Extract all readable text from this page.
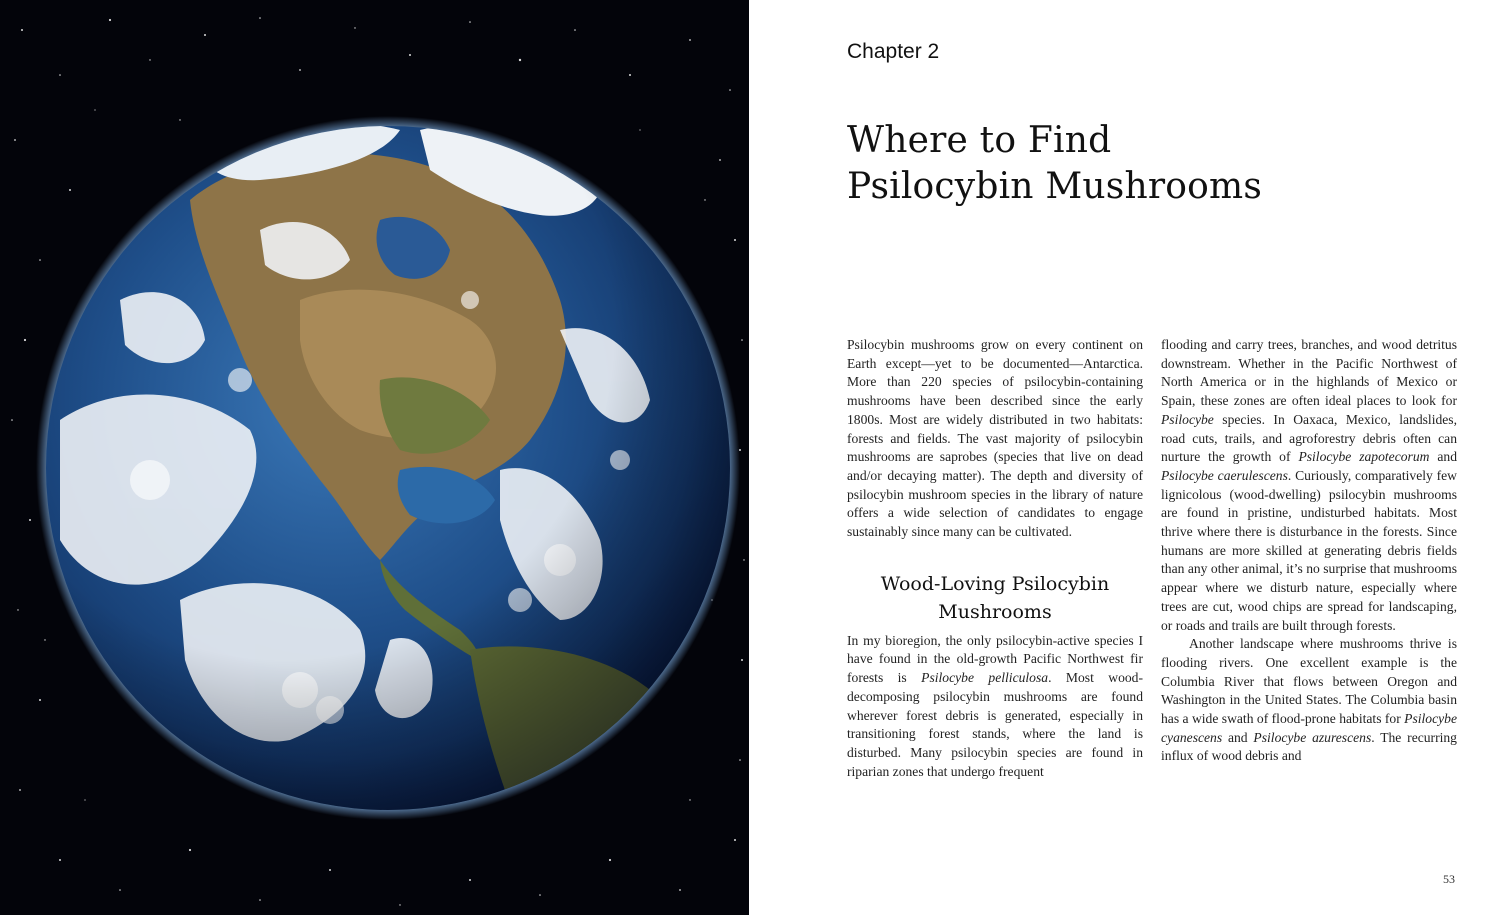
Chapter 2
Where to Find
Psilocybin Mushrooms

Psilocybin mushrooms grow on every continent on Earth except—yet to be documented—Antarctica. More than 220 species of psilocybin-containing mushrooms have been described since the early 1800s. Most are widely distributed in two habitats: forests and fields. The vast majority of psilocybin mushrooms are saprobes (species that live on dead and/or decaying matter). The depth and diversity of psilocybin mushroom species in the library of nature offers a wide selection of candidates to engage sustainably since many can be cultivated.

Wood-Loving Psilocybin
Mushrooms

In my bioregion, the only psilocybin-active species I have found in the old-growth Pacific Northwest fir forests is Psilocybe pelliculosa. Most wood-decomposing psilocybin mushrooms are found wherever forest debris is generated, especially in transitioning forest stands, where the land is disturbed. Many psilocybin species are found in riparian zones that undergo frequent

flooding and carry trees, branches, and wood detritus downstream. Whether in the Pacific Northwest of North America or in the highlands of Mexico or Spain, these zones are often ideal places to look for Psilocybe species. In Oaxaca, Mexico, landslides, road cuts, trails, and agroforestry debris often can nurture the growth of Psilocybe zapotecorum and Psilocybe caerulescens. Curiously, comparatively few lignicolous (wood-dwelling) psilocybin mushrooms are found in pristine, undisturbed habitats. Most thrive where there is disturbance in the forests. Since humans are more skilled at generating debris fields than any other animal, it’s no surprise that mushrooms appear where we disturb nature, especially where trees are cut, wood chips are spread for landscaping, or roads and trails are built through forests.

Another landscape where mushrooms thrive is flooding rivers. One excellent example is the Columbia River that flows between Oregon and Washington in the United States. The Columbia basin has a wide swath of flood-prone habitats for Psilocybe cyanescens and Psilocybe azurescens. The recurring influx of wood debris and

53
